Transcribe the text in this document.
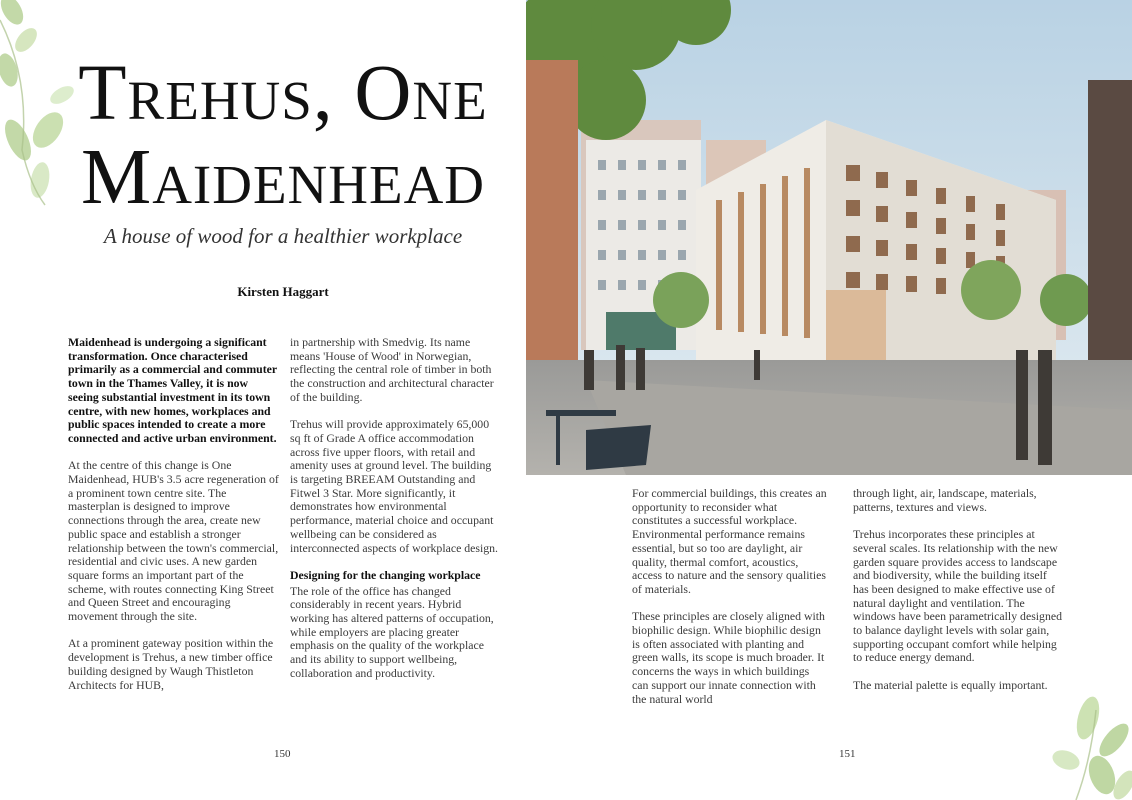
Trehus, One
Maidenhead
A house of wood for a healthier workplace
Kirsten Haggart

Maidenhead is undergoing a significant transformation. Once characterised primarily as a commercial and commuter town in the Thames Valley, it is now seeing substantial investment in its town centre, with new homes, workplaces and public spaces intended to create a more connected and active urban environment.

At the centre of this change is One Maidenhead, HUB's 3.5 acre regeneration of a prominent town centre site. The masterplan is designed to improve connections through the area, create new public space and establish a stronger relationship between the town's commercial, residential and civic uses. A new garden square forms an important part of the scheme, with routes connecting King Street and Queen Street and encouraging movement through the site.

At a prominent gateway position within the development is Trehus, a new timber office building designed by Waugh Thistleton Architects for HUB,

in partnership with Smedvig. Its name means 'House of Wood' in Norwegian, reflecting the central role of timber in both the construction and architectural character of the building.

Trehus will provide approximately 65,000 sq ft of Grade A office accommodation across five upper floors, with retail and amenity uses at ground level. The building is targeting BREEAM Outstanding and Fitwel 3 Star. More significantly, it demonstrates how environmental performance, material choice and occupant wellbeing can be considered as interconnected aspects of workplace design.

Designing for the changing workplace

The role of the office has changed considerably in recent years. Hybrid working has altered patterns of occupation, while employers are placing greater emphasis on the quality of the workplace and its ability to support wellbeing, collaboration and productivity.

150

For commercial buildings, this creates an opportunity to reconsider what constitutes a successful workplace. Environmental performance remains essential, but so too are daylight, air quality, thermal comfort, acoustics, access to nature and the sensory qualities of materials.

These principles are closely aligned with biophilic design. While biophilic design is often associated with planting and green walls, its scope is much broader. It concerns the ways in which buildings can support our innate connection with the natural world

through light, air, landscape, materials, patterns, textures and views.

Trehus incorporates these principles at several scales. Its relationship with the new garden square provides access to landscape and biodiversity, while the building itself has been designed to make effective use of natural daylight and ventilation. The windows have been parametrically designed to balance daylight levels with solar gain, supporting occupant comfort while helping to reduce energy demand.

The material palette is equally important.

151
